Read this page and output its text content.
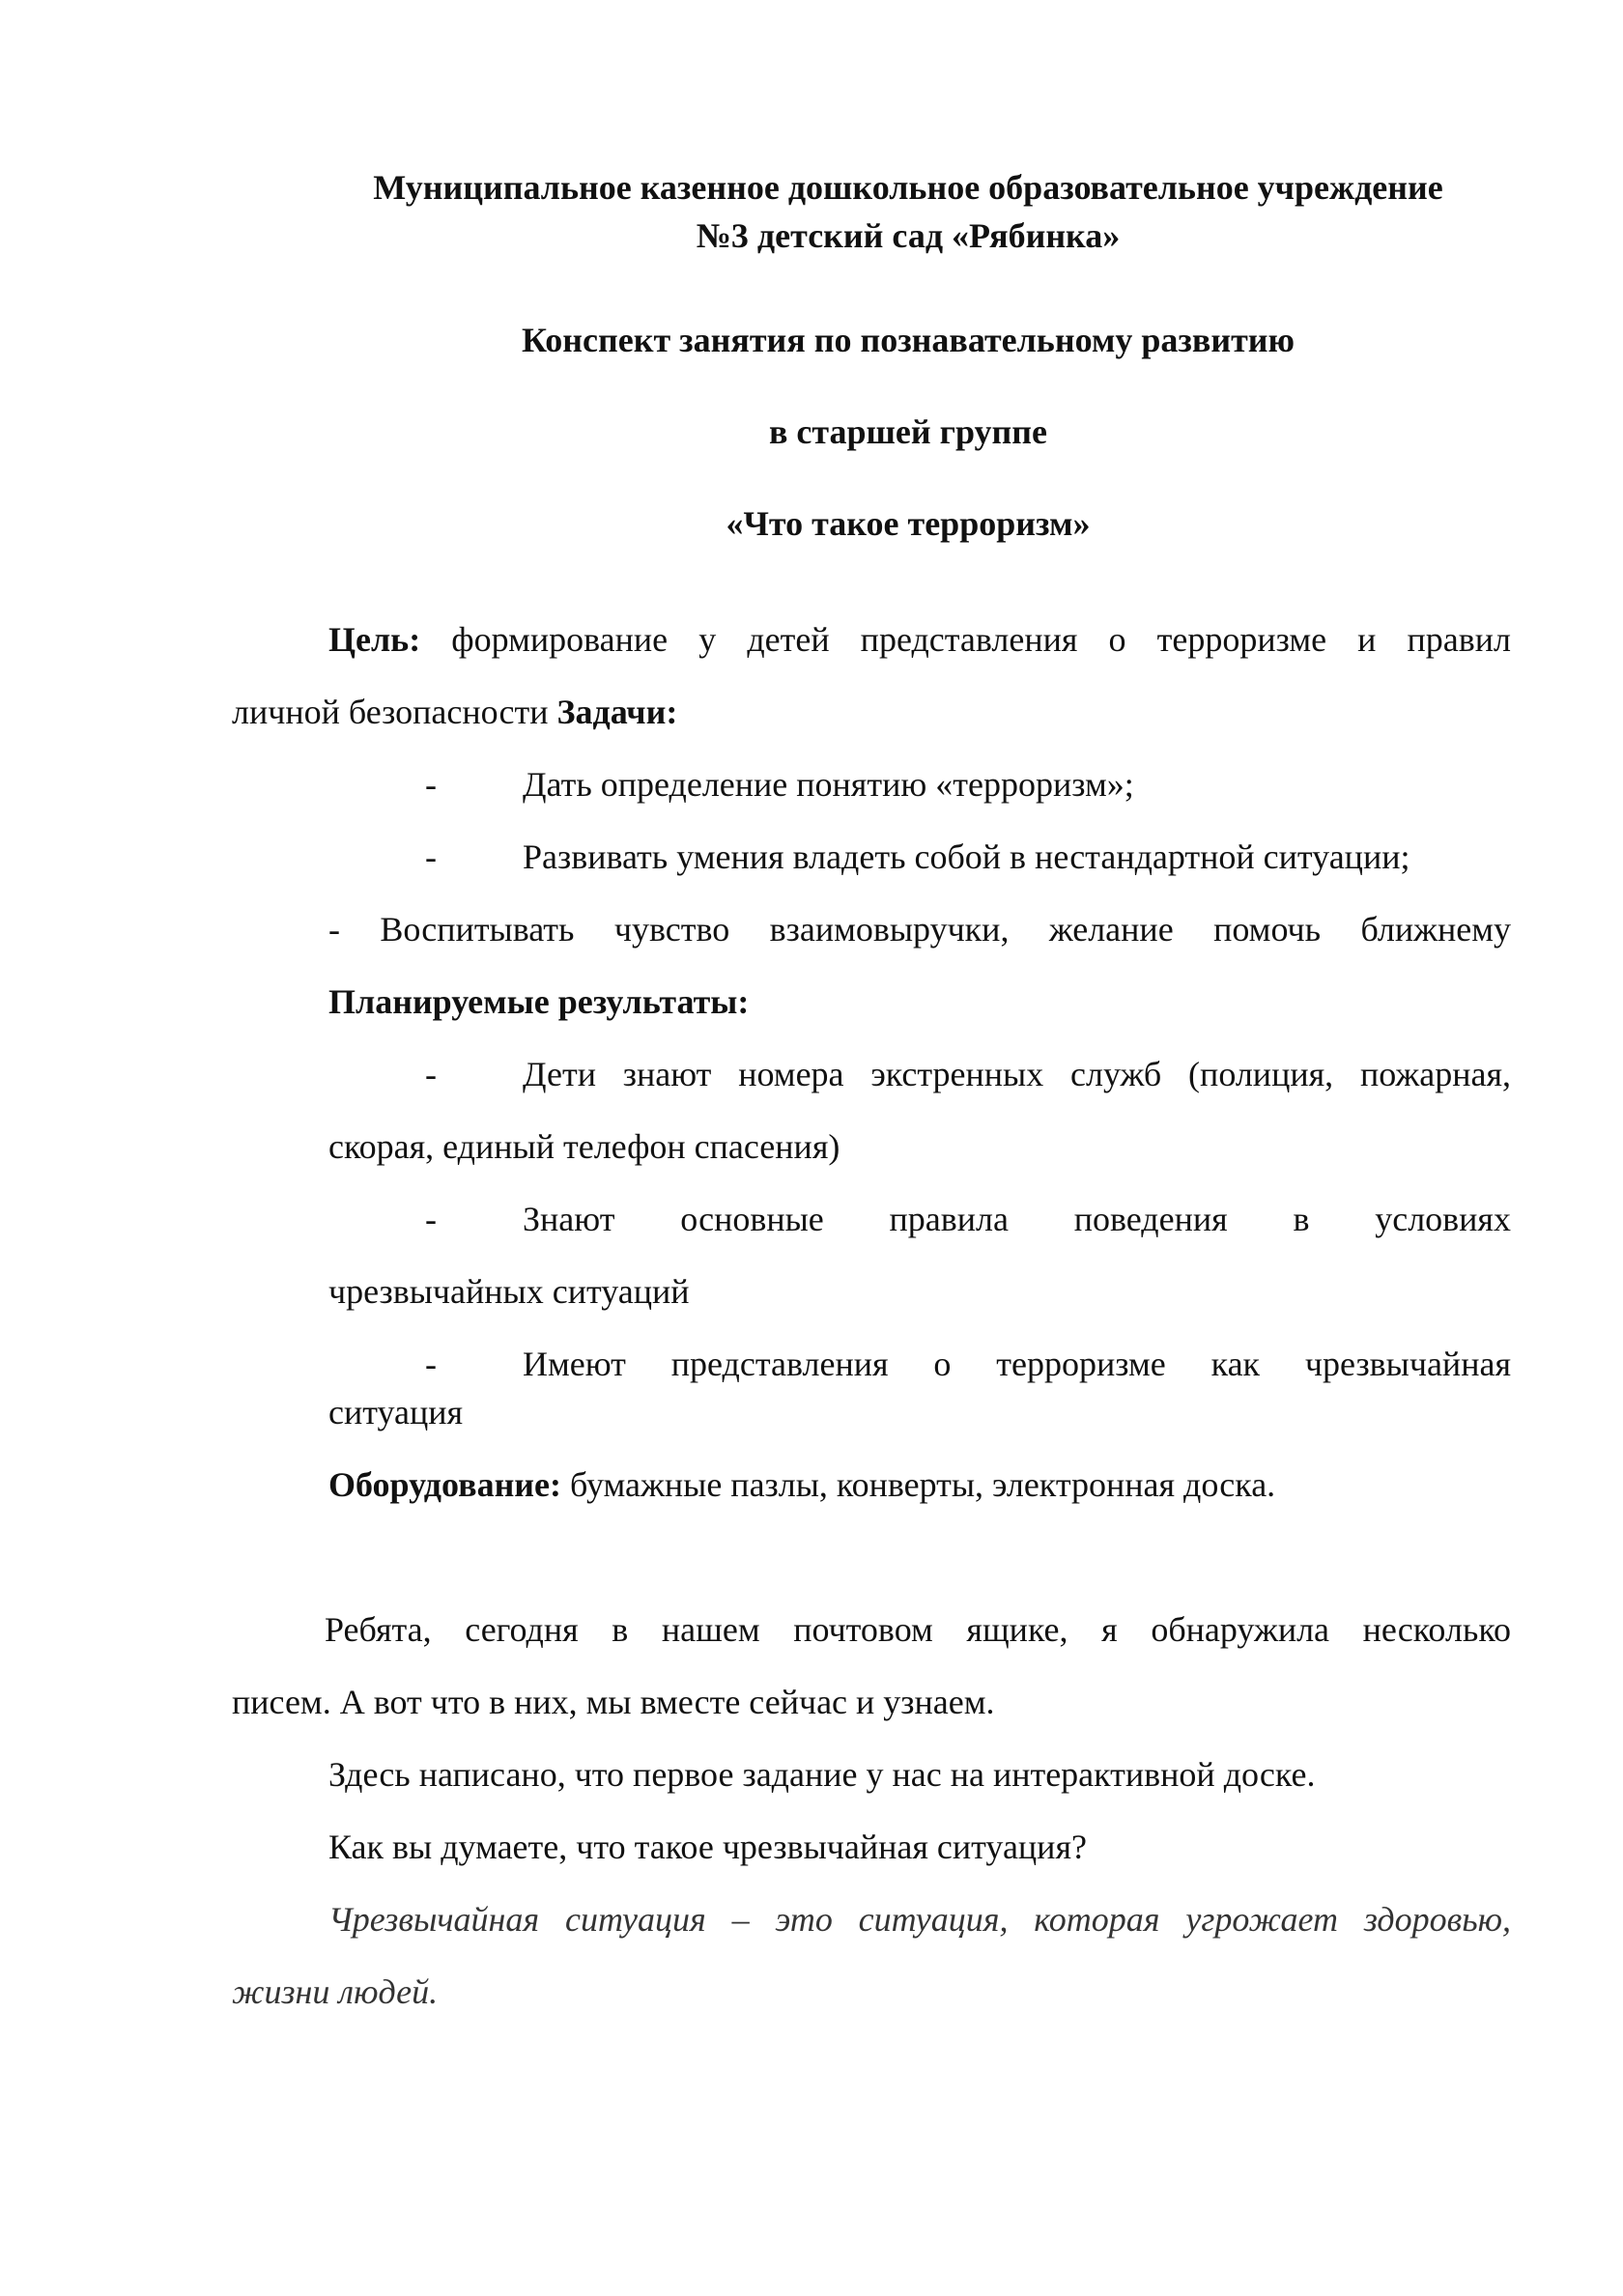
Муниципальное казенное дошкольное образовательное учреждение
№3 детский сад «Рябинка»
Конспект занятия по познавательному развитию
в старшей группе
«Что такое терроризм»
Цель: формирование у детей представления о терроризме и правил
личной безопасности Задачи:
- Дать определение понятию «терроризм»;
- Развивать умения владеть собой в нестандартной ситуации;
- Воспитывать чувство взаимовыручки, желание помочь ближнему
Планируемые результаты:
- Дети знают номера экстренных служб (полиция, пожарная,
скорая, единый телефон спасения)
- Знают основные правила поведения в условиях
чрезвычайных ситуаций
- Имеют представления о терроризме как чрезвычайная
ситуация
Оборудование: бумажные пазлы, конверты, электронная доска.
Ребята, сегодня в нашем почтовом ящике, я обнаружила несколько
писем. А вот что в них, мы вместе сейчас и узнаем.
Здесь написано, что первое задание у нас на интерактивной доске.
Как вы думаете, что такое чрезвычайная ситуация?
Чрезвычайная ситуация – это ситуация, которая угрожает здоровью,
жизни людей.
